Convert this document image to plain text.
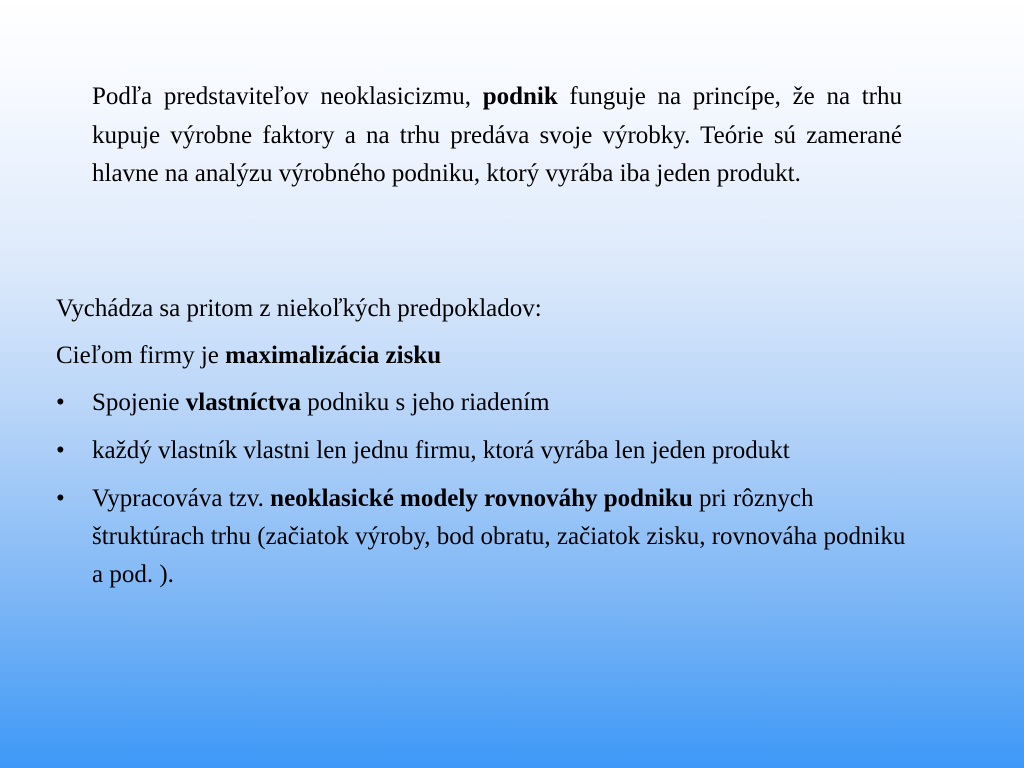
Podľa predstaviteľov neoklasicizmu, podnik funguje na princípe, že na trhu kupuje výrobne faktory a na trhu predáva svoje výrobky. Teórie sú zamerané hlavne na analýzu výrobného podniku, ktorý vyrába iba jeden produkt.

Vychádza sa pritom z niekoľkých predpokladov:

Cieľom firmy je maximalizácia zisku

•	Spojenie vlastníctva podniku s jeho riadením
•	každý vlastník vlastni len jednu firmu, ktorá vyrába len jeden produkt
•	Vypracováva tzv. neoklasické modely rovnováhy podniku pri rôznych štruktúrach trhu (začiatok výroby, bod obratu, začiatok zisku, rovnováha podniku a pod. ).
